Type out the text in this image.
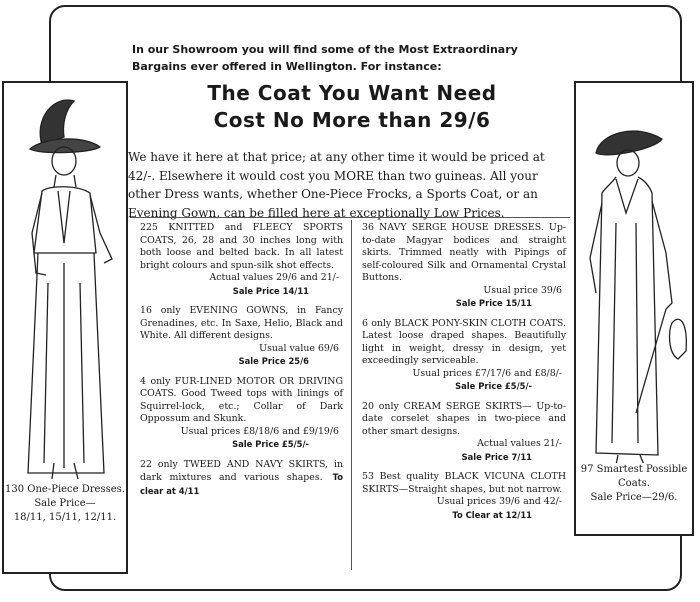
130 One-Piece Dresses.
Sale Price—
18/11, 15/11, 12/11.
97 Smartest Possible
Coats.
Sale Price—29/6.
In our Showroom you will find some of the Most Extraordinary Bargains ever offered in Wellington. For instance:
The Coat You Want Need
Cost No More than 29/6
We have it here at that price; at any other time it would be priced at 42/-. Elsewhere it would cost you MORE than two guineas. All your other Dress wants, whether One-Piece Frocks, a Sports Coat, or an Evening Gown, can be filled here at exceptionally Low Prices.
225 KNITTED and FLEECY SPORTS COATS, 26, 28 and 30 inches long with both loose and belted back. In all latest bright colours and spun-silk shot effects.
Actual values 29/6 and 21/-
Sale Price 14/11
16 only EVENING GOWNS, in Fancy Grenadines, etc. In Saxe, Helio, Black and White. All different designs.
Usual value 69/6
Sale Price 25/6
4 only FUR-LINED MOTOR OR DRIVING COATS. Good Tweed tops with linings of Squirrel-lock, etc.; Collar of Dark Oppossum and Skunk.
Usual prices £8/18/6 and £9/19/6
Sale Price £5/5/-
22 only TWEED AND NAVY SKIRTS, in dark mixtures and various shapes. To clear at 4/11
36 NAVY SERGE HOUSE DRESSES. Up-to-date Magyar bodices and straight skirts. Trimmed neatly with Pipings of self-coloured Silk and Ornamental Crystal Buttons.
Usual price 39/6
Sale Price 15/11
6 only BLACK PONY-SKIN CLOTH COATS. Latest loose draped shapes. Beautifully light in weight, dressy in design, yet exceedingly serviceable.
Usual prices £7/17/6 and £8/8/-
Sale Price £5/5/-
20 only CREAM SERGE SKIRTS— Up-to-date corselet shapes in two-piece and other smart designs.
Actual values 21/-
Sale Price 7/11
53 Best quality BLACK VICUNA CLOTH SKIRTS—Straight shapes, but not narrow.
Usual prices 39/6 and 42/-
To Clear at 12/11
